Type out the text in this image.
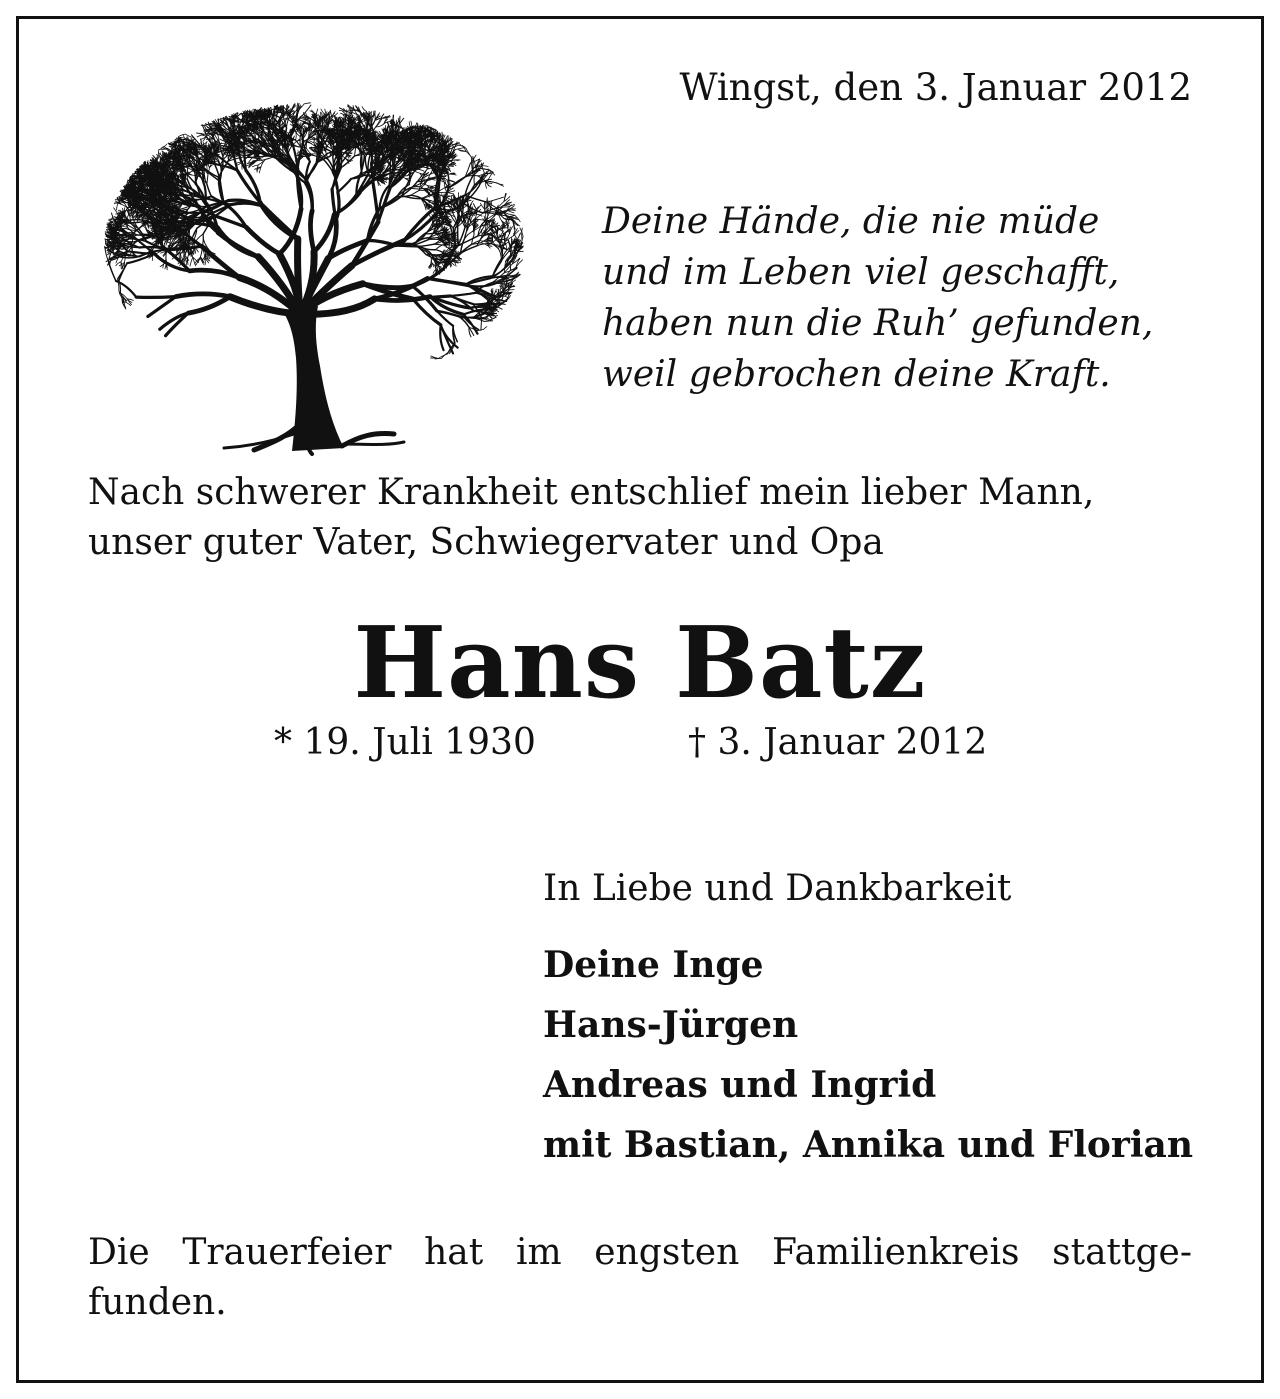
Wingst, den 3. Januar 2012
Deine Hände, die nie müde
und im Leben viel geschafft,
haben nun die Ruh’ gefunden,
weil gebrochen deine Kraft.
Nach schwerer Krankheit entschlief mein lieber Mann,
unser guter Vater, Schwiegervater und Opa
Hans Batz
* 19. Juli 1930	† 3. Januar 2012
In Liebe und Dankbarkeit
Deine Inge
Hans-Jürgen
Andreas und Ingrid
mit Bastian, Annika und Florian
Die Trauerfeier hat im engsten Familienkreis stattge-
funden.
